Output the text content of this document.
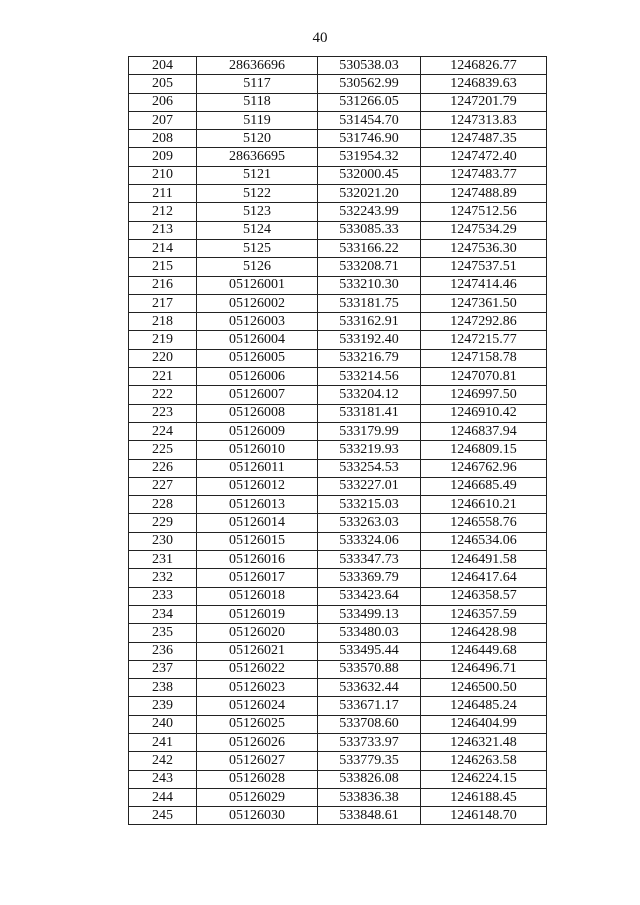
40
204	28636696	530538.03	1246826.77
205	5117	530562.99	1246839.63
206	5118	531266.05	1247201.79
207	5119	531454.70	1247313.83
208	5120	531746.90	1247487.35
209	28636695	531954.32	1247472.40
210	5121	532000.45	1247483.77
211	5122	532021.20	1247488.89
212	5123	532243.99	1247512.56
213	5124	533085.33	1247534.29
214	5125	533166.22	1247536.30
215	5126	533208.71	1247537.51
216	05126001	533210.30	1247414.46
217	05126002	533181.75	1247361.50
218	05126003	533162.91	1247292.86
219	05126004	533192.40	1247215.77
220	05126005	533216.79	1247158.78
221	05126006	533214.56	1247070.81
222	05126007	533204.12	1246997.50
223	05126008	533181.41	1246910.42
224	05126009	533179.99	1246837.94
225	05126010	533219.93	1246809.15
226	05126011	533254.53	1246762.96
227	05126012	533227.01	1246685.49
228	05126013	533215.03	1246610.21
229	05126014	533263.03	1246558.76
230	05126015	533324.06	1246534.06
231	05126016	533347.73	1246491.58
232	05126017	533369.79	1246417.64
233	05126018	533423.64	1246358.57
234	05126019	533499.13	1246357.59
235	05126020	533480.03	1246428.98
236	05126021	533495.44	1246449.68
237	05126022	533570.88	1246496.71
238	05126023	533632.44	1246500.50
239	05126024	533671.17	1246485.24
240	05126025	533708.60	1246404.99
241	05126026	533733.97	1246321.48
242	05126027	533779.35	1246263.58
243	05126028	533826.08	1246224.15
244	05126029	533836.38	1246188.45
245	05126030	533848.61	1246148.70
